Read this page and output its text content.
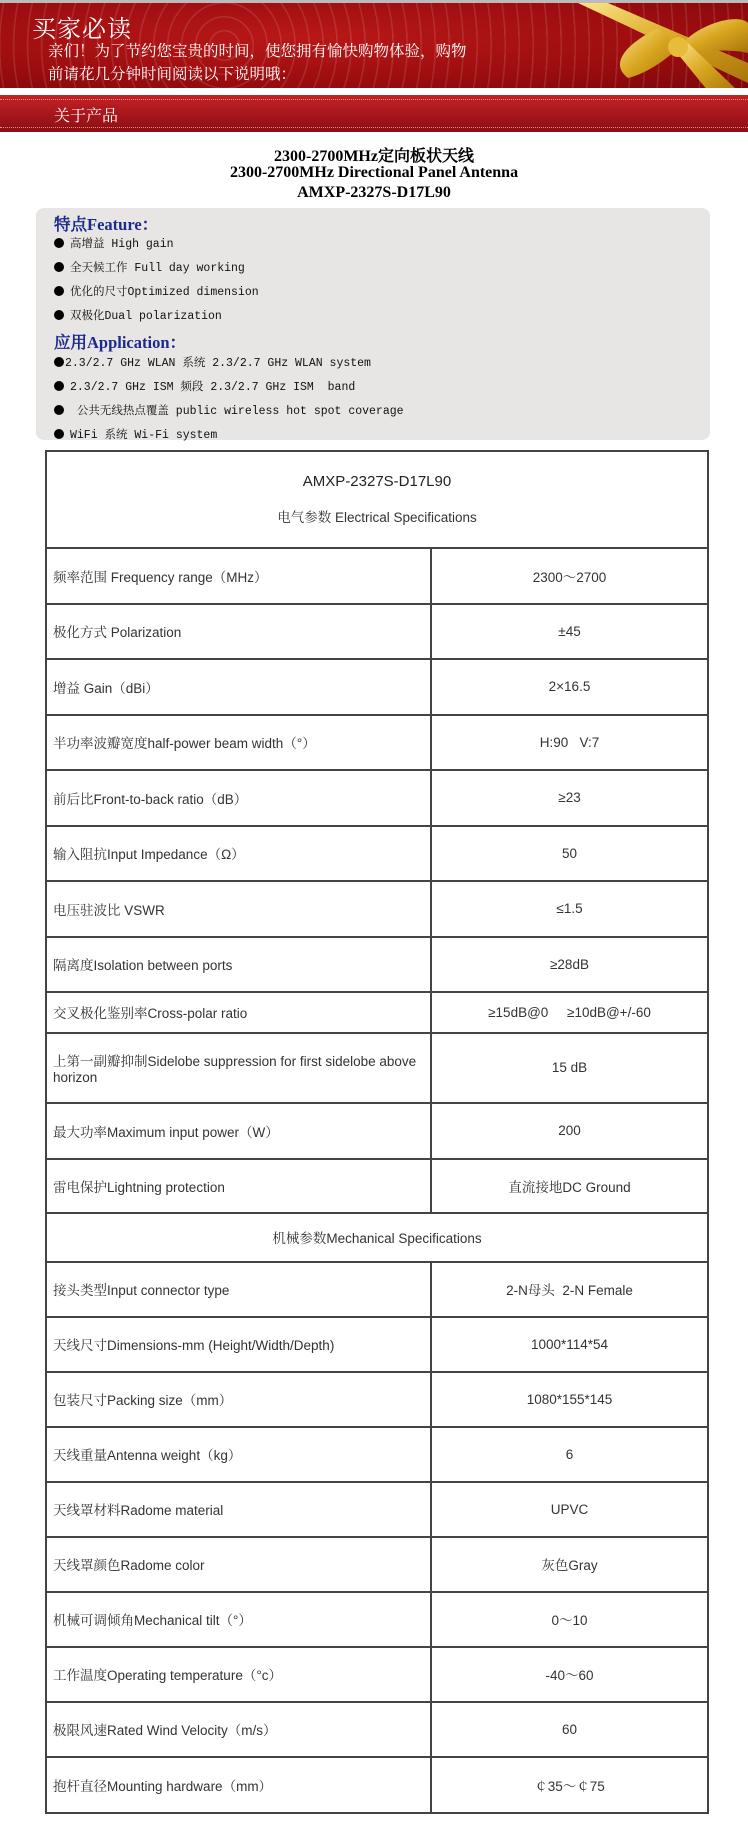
买家必读
亲们！为了节约您宝贵的时间，使您拥有愉快购物体验，购物
前请花几分钟时间阅读以下说明哦：
关于产品
2300-2700MHz定向板状天线
2300-2700MHz Directional Panel Antenna
AMXP-2327S-D17L90
特点Feature：
高增益 High gain
全天候工作 Full day working
优化的尺寸Optimized dimension
双极化Dual polarization
应用Application：
2.3/2.7 GHz WLAN 系统 2.3/2.7 GHz WLAN system
2.3/2.7 GHz ISM 频段 2.3/2.7 GHz ISM  band
公共无线热点覆盖 public wireless hot spot coverage
WiFi 系统 Wi-Fi system
AMXP-2327S-D17L90
电气参数 Electrical Specifications	

频率范围 Frequency range（MHz）	2300～2700
极化方式 Polarization	±45
增益 Gain（dBi）	2×16.5
半功率波瓣宽度half-power beam width（°）	H:90   V:7
前后比Front-to-back ratio（dB）	≥23
输入阻抗Input Impedance（Ω）	50
电压驻波比 VSWR	≤1.5
隔离度Isolation between ports	≥28dB
交叉极化鉴别率Cross-polar ratio	≥15dB@0     ≥10dB@+/-60
上第一副瓣抑制Sidelobe suppression for first sidelobe above horizon	15 dB
最大功率Maximum input power（W）	200
雷电保护Lightning protection	直流接地DC Ground
机械参数Mechanical Specifications	
接头类型Input connector type	2-N母头  2-N Female
天线尺寸Dimensions-mm (Height/Width/Depth)	1000*114*54
包装尺寸Packing size（mm）	1080*155*145
天线重量Antenna weight（kg）	6
天线罩材料Radome material	UPVC
天线罩颜色Radome color	灰色Gray
机械可调倾角Mechanical tilt（°）	0～10
工作温度Operating temperature（°c）	-40～60
极限风速Rated Wind Velocity（m/s）	60
抱杆直径Mounting hardware（mm）	￠35～￠75
